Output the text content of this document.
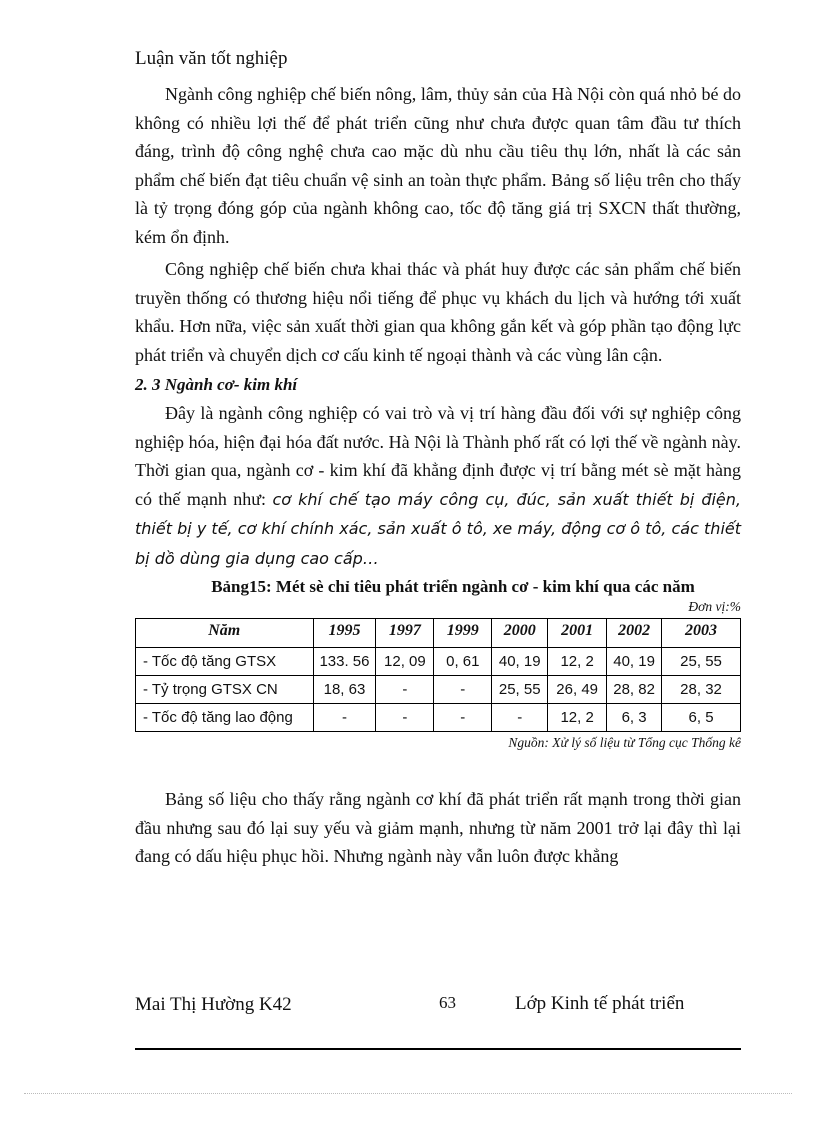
Luận văn tốt nghiệp

Ngành công nghiệp chế biến nông, lâm, thủy sản của Hà Nội còn quá nhỏ bé do không có nhiều lợi thế để phát triển cũng như chưa được quan tâm đầu tư thích đáng, trình độ công nghệ chưa cao mặc dù nhu cầu tiêu thụ lớn, nhất là các sản phẩm chế biến đạt tiêu chuẩn vệ sinh an toàn thực phẩm. Bảng số liệu trên cho thấy là tỷ trọng đóng góp của ngành không cao, tốc độ tăng giá trị SXCN thất thường, kém ổn định.

Công nghiệp chế biến chưa khai thác và phát huy được các sản phẩm chế biến truyền thống có thương hiệu nổi tiếng để phục vụ khách du lịch và hướng tới xuất khẩu. Hơn nữa, việc sản xuất thời gian qua không gắn kết và góp phần tạo động lực phát triển và chuyển dịch cơ cấu kinh tế ngoại thành và các vùng lân cận.

2. 3 Ngành cơ- kim khí

Đây là ngành công nghiệp có vai trò và vị trí hàng đầu đối với sự nghiệp công nghiệp hóa, hiện đại hóa đất nước. Hà Nội là Thành phố rất có lợi thế về ngành này. Thời gian qua, ngành cơ - kim khí đã khẳng định được vị trí bằng mét sè mặt hàng có thế mạnh như: cơ khí chế tạo máy công cụ, đúc, sản xuất thiết bị điện, thiết bị y tế, cơ khí chính xác, sản xuất ô tô, xe máy, động cơ ô tô, các thiết bị dồ dùng gia dụng cao cấp…

Bảng15: Mét sè chỉ tiêu phát triển ngành cơ - kim khí qua các năm
Đơn vị:%
Năm	1995	1997	1999	2000	2001	2002	2003
- Tốc độ tăng GTSX	133. 56	12, 09	0, 61	40, 19	12, 2	40, 19	25, 55
- Tỷ trọng GTSX CN	18, 63	-	-	25, 55	26, 49	28, 82	28, 32
- Tốc độ tăng lao động	-	-	-	-	12, 2	6, 3	6, 5
Nguồn: Xử lý số liệu từ Tổng cục Thống kê

Bảng số liệu cho thấy rằng ngành cơ khí đã phát triển rất mạnh trong thời gian đầu nhưng sau đó lại suy yếu và giảm mạnh, nhưng từ năm 2001 trở lại đây thì lại đang có dấu hiệu phục hồi. Nhưng ngành này vẫn luôn được khẳng

Mai Thị Hường K42	63	Lớp Kinh tế phát triển
